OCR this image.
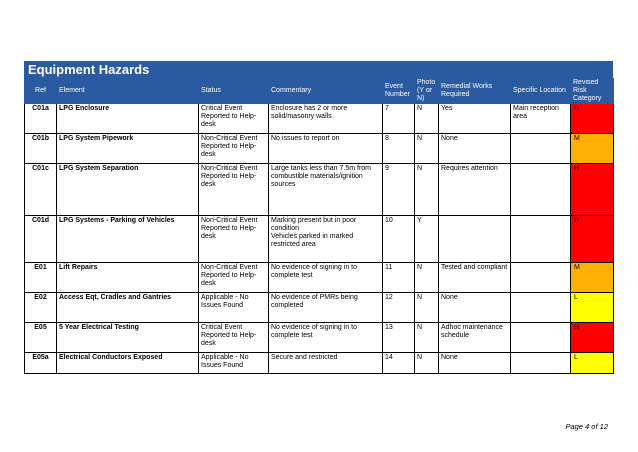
Equipment Hazards
Ref	Element	Status	Commentary	Event Number	Photo (Y or N)	Remedial Works Required	Specific Location	Revised Risk Category
C01a	LPG Enclosure	Critical Event Reported to Help-desk	Enclosure has 2 or more solid/masonry walls	7	N	Yes	Main reception area	H
C01b	LPG System Pipework	Non-Critical Event Reported to Help-desk	No issues to report on	8	N	None		M
C01c	LPG System Separation	Non-Critical Event Reported to Help-desk	Large tanks less than 7.5m from combustible materials/ignition sources	9	N	Requires attention		H
C01d	LPG Systems - Parking of Vehicles	Non-Critical Event Reported to Help-desk	Marking present but in poor condition
Vehicles parked in marked restricted area	10	Y			H
E01	Lift Repairs	Non-Critical Event Reported to Help-desk	No evidence of signing in to complete test	11	N	Tested and compliant		M
E02	Access Eqt, Cradles and Gantries	Applicable - No Issues Found	No evidence of PMRs being completed	12	N	None		L
E05	5 Year Electrical Testing	Critical Event Reported to Help-desk	No evidence of signing in to complete test	13	N	Adhoc maintenance schedule		H
E05a	Electrical Conductors Exposed	Applicable - No Issues Found	Secure and restricted	14	N	None		L
Page 4 of 12
